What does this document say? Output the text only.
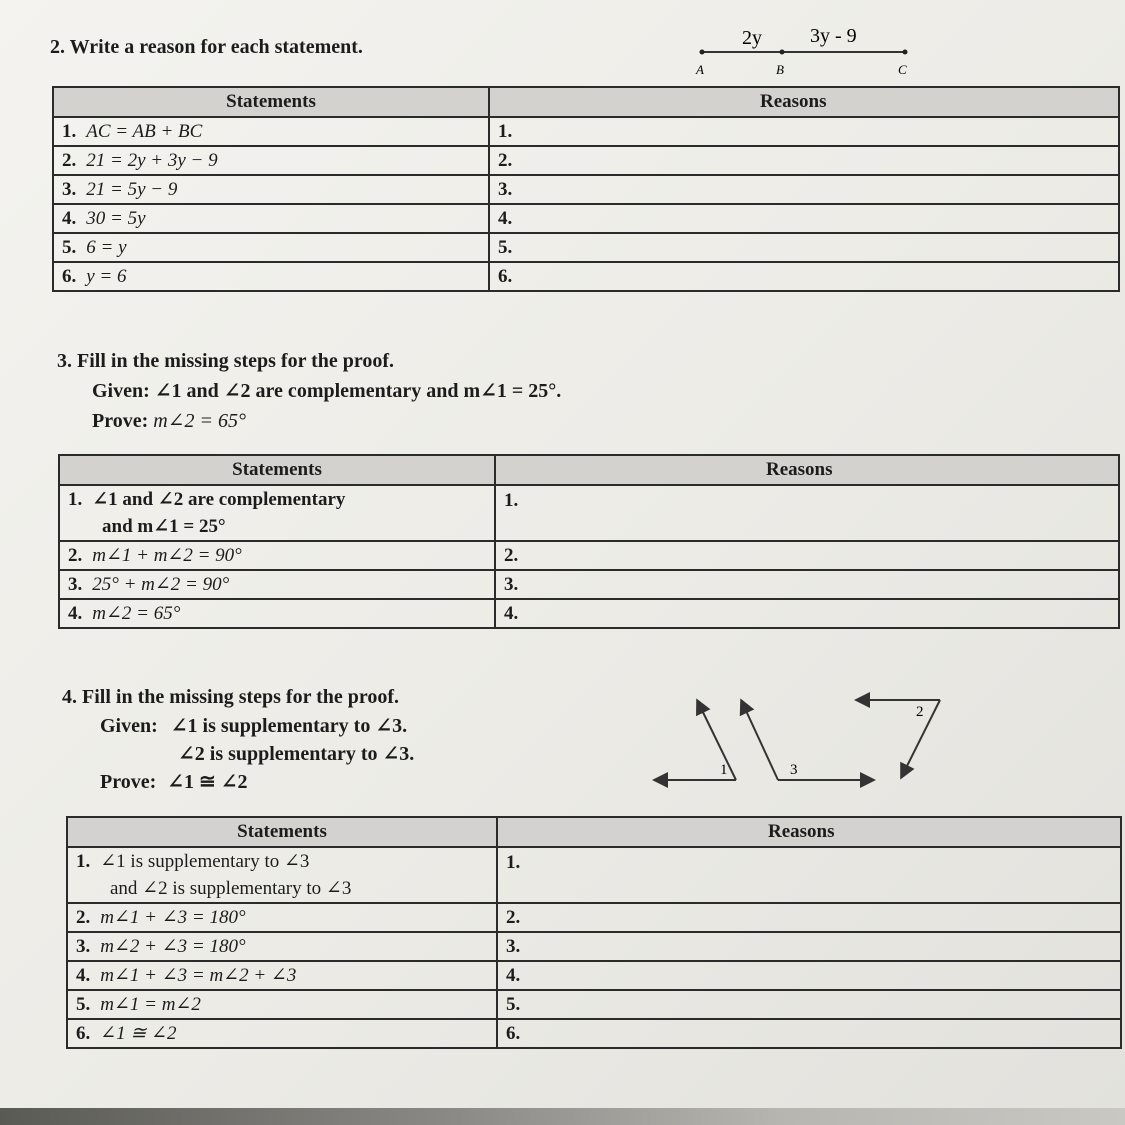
2. Write a reason for each statement.	2y 3y - 9
A	B	C
Statements	Reasons
1. AC = AB + BC	1.
2. 21 = 2y + 3y − 9	2.
3. 21 = 5y − 9	3.
4. 30 = 5y	4.
5. 6 = y	5.
6. y = 6	6.
3. Fill in the missing steps for the proof.
Given: ∠1 and ∠2 are complementary and m∠1 = 25°.
Prove: m∠2 = 65°
Statements	Reasons
1. ∠1 and ∠2 are complementary
and m∠1 = 25°	1.
2. m∠1 + m∠2 = 90°	2.
3. 25° + m∠2 = 90°	3.
4. m∠2 = 65°	4.
4. Fill in the missing steps for the proof.
Given: ∠1 is supplementary to ∠3.
∠2 is supplementary to ∠3.
Prove: ∠1 ≅ ∠2
1	3
2
Statements	Reasons
1. ∠1 is supplementary to ∠3
and ∠2 is supplementary to ∠3	1.
2. m∠1 + ∠3 = 180°	2.
3. m∠2 + ∠3 = 180°	3.
4. m∠1 + ∠3 = m∠2 + ∠3	4.
5. m∠1 = m∠2	5.
6. ∠1 ≅ ∠2	6.
